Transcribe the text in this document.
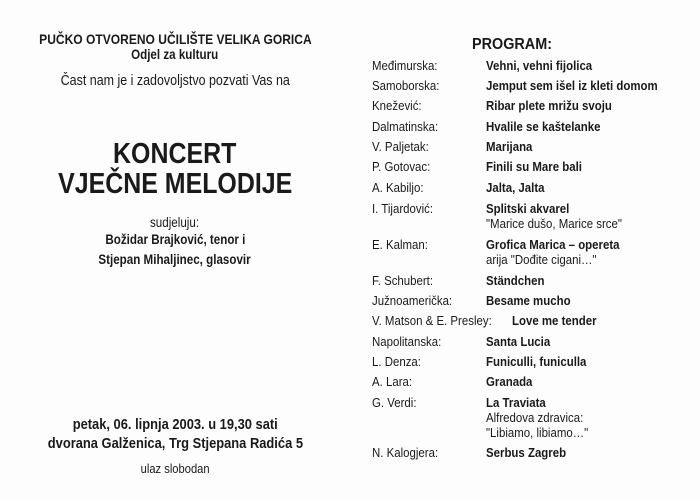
PUČKO OTVORENO UČILIŠTE VELIKA GORICA
Odjel za kulturu
Čast nam je i zadovoljstvo pozvati Vas na
KONCERT
VJEČNE MELODIJE
sudjeluju:
Božidar Brajković, tenor i
Stjepan Mihaljinec, glasovir
petak, 06. lipnja 2003. u 19,30 sati
dvorana Galženica, Trg Stjepana Radića 5
ulaz slobodan
PROGRAM:
Međimurska:	Vehni, vehni fijolica
Samoborska:	Jemput sem išel iz kleti domom
Knežević:	Ribar plete mrižu svoju
Dalmatinska:	Hvalile se kaštelanke
V. Paljetak:	Marijana
P. Gotovac:	Finili su Mare bali
A. Kabiljo:	Jalta, Jalta
I. Tijardović:	Splitski akvarel
"Marice dušo, Marice srce"
E. Kalman:	Grofica Marica – opereta
arija "Dođite cigani…"
F. Schubert:	Ständchen
Južnoamerička:	Besame mucho
V. Matson & E. Presley: Love me tender
Napolitanska:	Santa Lucia
L. Denza:	Funiculli, funiculla
A. Lara:	Granada
G. Verdi:	La Traviata
Alfredova zdravica:
"Libiamo, libiamo…"
N. Kalogjera:	Serbus Zagreb
